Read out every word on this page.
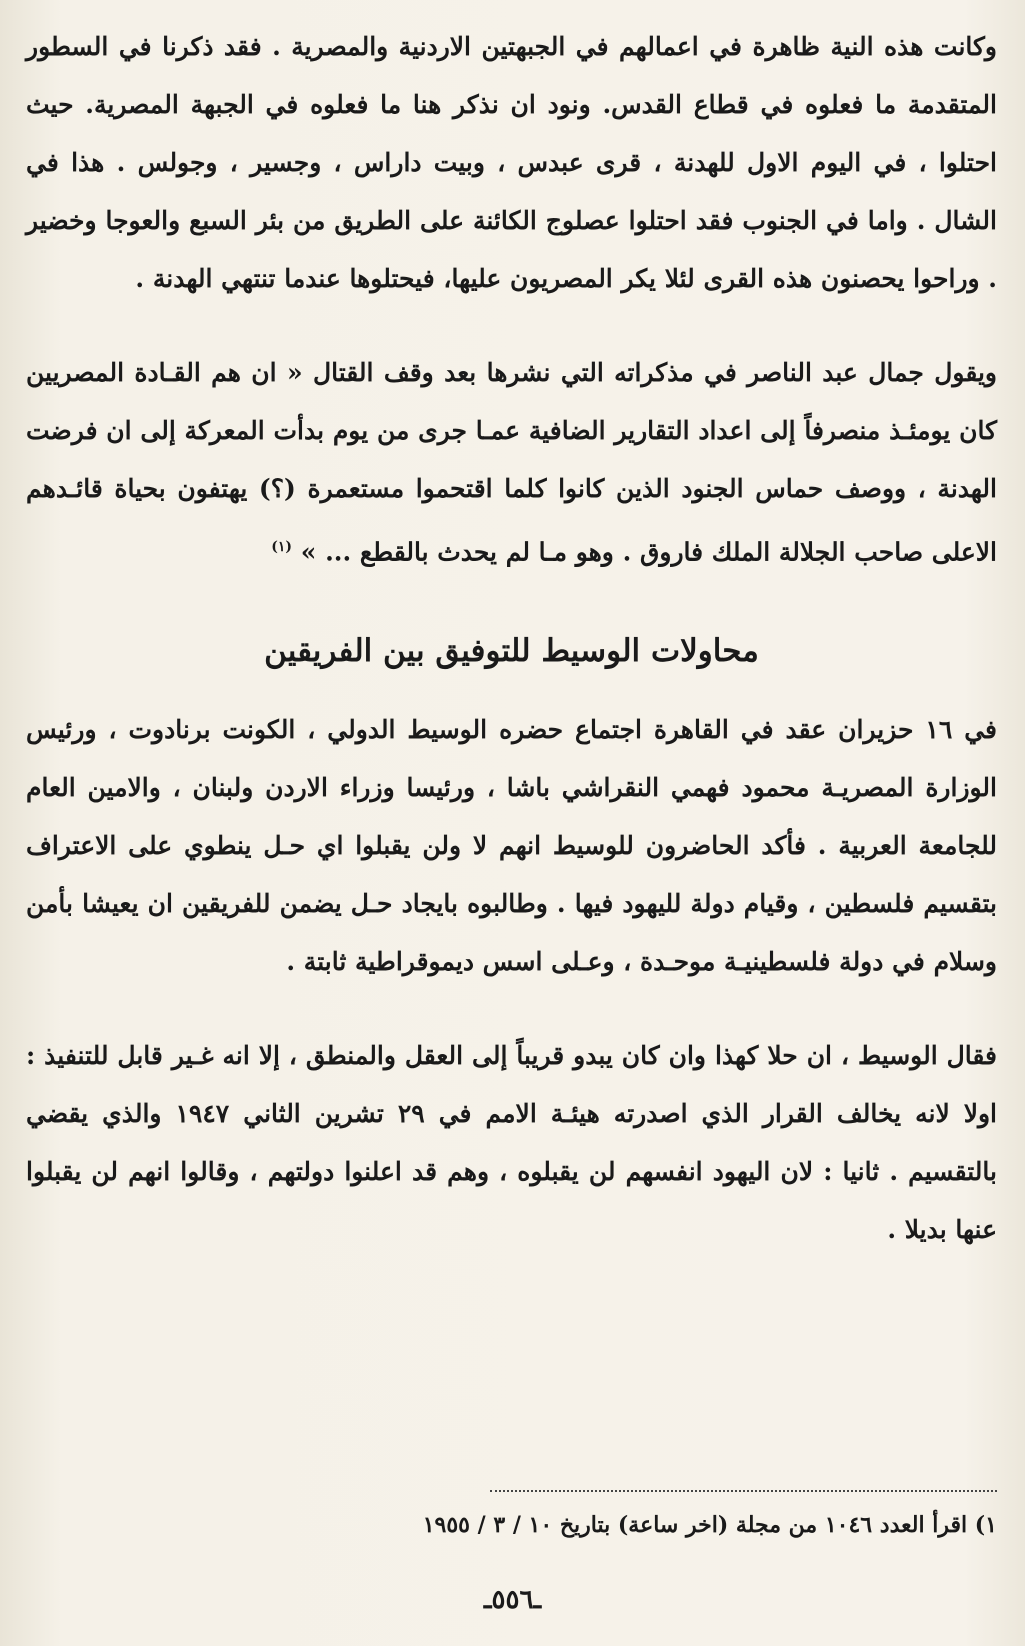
وكانت هذه النية ظاهرة في اعمالهم في الجبهتين الاردنية والمصرية . فقد ذكرنا في السطور المتقدمة ما فعلوه في قطاع القدس. ونود ان نذكر هنا ما فعلوه في الجبهة المصرية. حيث احتلوا ، في اليوم الاول للهدنة ، قرى عبدس ، وبيت داراس ، وجسير ، وجولس . هذا في الشال . واما في الجنوب فقد احتلوا عصلوج الكائنة على الطريق من بئر السبع والعوجا وخضير . وراحوا يحصنون هذه القرى لئلا يكر المصريون عليها، فيحتلوها عندما تنتهي الهدنة .

ويقول جمال عبد الناصر في مذكراته التي نشرها بعد وقف القتال « ان هم القـادة المصريين كان يومئـذ منصرفاً إلى اعداد التقارير الضافية عمـا جرى من يوم بدأت المعركة إلى ان فرضت الهدنة ، ووصف حماس الجنود الذين كانوا كلما اقتحموا مستعمرة (؟) يهتفون بحياة قائـدهم الاعلى صاحب الجلالة الملك فاروق . وهو مـا لم يحدث بالقطع ... » $^{(١)}$

محاولات الوسيط للتوفيق بين الفريقين

في ١٦ حزيران عقد في القاهرة اجتماع حضره الوسيط الدولي ، الكونت برنادوت ، ورئيس الوزارة المصريـة محمود فهمي النقراشي باشا ، ورئيسا وزراء الاردن ولبنان ، والامين العام للجامعة العربية . فأكد الحاضرون للوسيط انهم لا ولن يقبلوا اي حـل ينطوي على الاعتراف بتقسيم فلسطين ، وقيام دولة لليهود فيها . وطالبوه بايجاد حـل يضمن للفريقين ان يعيشا بأمن وسلام في دولة فلسطينيـة موحـدة ، وعـلى اسس ديموقراطية ثابتة .

فقال الوسيط ، ان حلا كهذا وان كان يبدو قريباً إلى العقل والمنطق ، إلا انه غـير قابل للتنفيذ : اولا لانه يخالف القرار الذي اصدرته هيئـة الامم في ٢٩ تشرين الثاني ١٩٤٧ والذي يقضي بالتقسيم . ثانيا : لان اليهود انفسهم لن يقبلوه ، وهم قد اعلنوا دولتهم ، وقالوا انهم لن يقبلوا عنها بديلا .

١) اقرأ العدد ١٠٤٦ من مجلة (اخر ساعة) بتاريخ ١٠ / ٣ / ١٩٥٥
ـ٥٥٦ـ
